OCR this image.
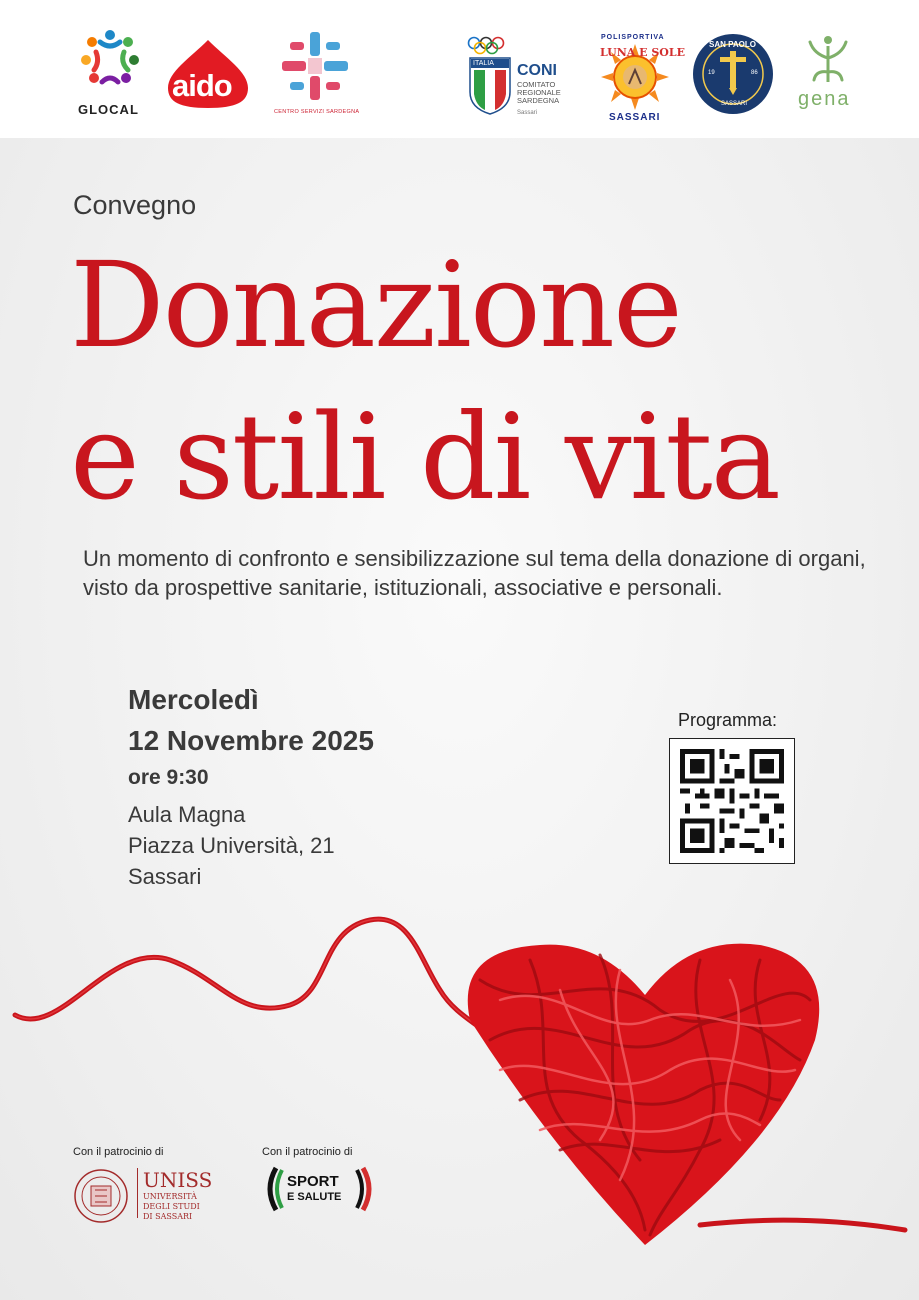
GLOCAL
aido
CENTRO SERVIZI SARDEGNA
ITALIA CONI
COMITATO
REGIONALE
SARDEGNA
Sassari
POLISPORTIVA
LUNA E SOLE
SASSARI
SAN PAOLO
19	86
SASSARI	gena
Convegno
Donazione
e stili di vita
Un momento di confronto e sensibilizzazione sul tema della donazione di organi, visto da prospettive sanitarie, istituzionali, associative e personali.
Mercoledì
12 Novembre 2025
ore 9:30
Aula Magna
Piazza Università, 21
Sassari
Programma:
Con il patrocinio di	Con il patrocinio di
UNISS
UNIVERSITÀ
DEGLI STUDI
DI SASSARI
SPORT
E SALUTE
